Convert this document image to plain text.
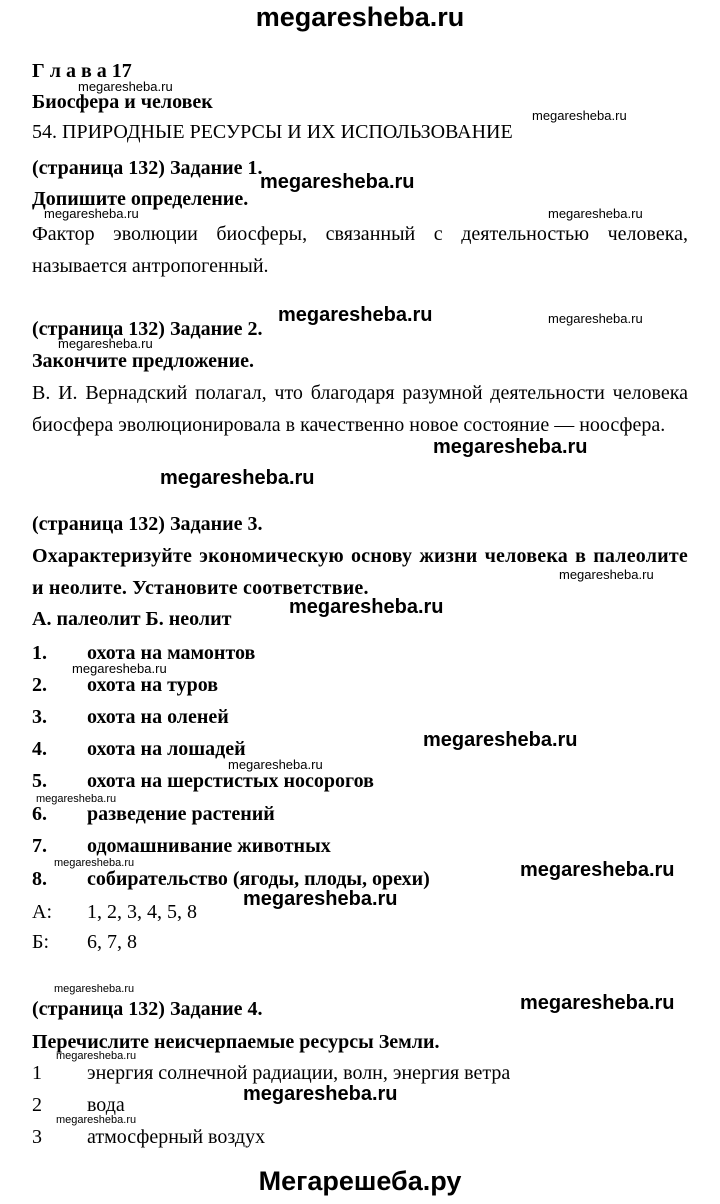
megaresheba.ru
Мегарешеба.ру
Г л а в а 17
Биосфера и человек
54. ПРИРОДНЫЕ РЕСУРСЫ И ИХ ИСПОЛЬЗОВАНИЕ
(страница 132) Задание 1.
Допишите определение.
Фактор эволюции биосферы, связанный с деятельностью человека, называется антропогенный.
(страница 132) Задание 2.
Закончите предложение.
В. И. Вернадский полагал, что благодаря разумной деятельности человека биосфера эволюционировала в качественно новое состояние — ноосфера.
(страница 132) Задание 3.
Охарактеризуйте экономическую основу жизни человека в палеолите и неолите. Установите соответствие.
А. палеолит Б. неолит
1. охота на мамонтов
2. охота на туров
3. охота на оленей
4. охота на лошадей
5. охота на шерстистых носорогов
6. разведение растений
7. одомашнивание животных
8. собирательство (ягоды, плоды, орехи)
А: 1, 2, 3, 4, 5, 8
Б: 6, 7, 8
(страница 132) Задание 4.
Перечислите неисчерпаемые ресурсы Земли.
1 энергия солнечной радиации, волн, энергия ветра
2 вода
3 атмосферный воздух
megaresheba.ru
megaresheba.ru
megaresheba.ru
megaresheba.ru
megaresheba.ru
megaresheba.ru
megaresheba.ru
megaresheba.ru
megaresheba.ru
megaresheba.ru
megaresheba.ru
megaresheba.ru
megaresheba.ru	megaresheba.ru
megaresheba.ru
megaresheba.ru
megaresheba.ru
megaresheba.ru
megaresheba.ru
megaresheba.ru
megaresheba.ru
megaresheba.ru
megaresheba.ru
megaresheba.ru
